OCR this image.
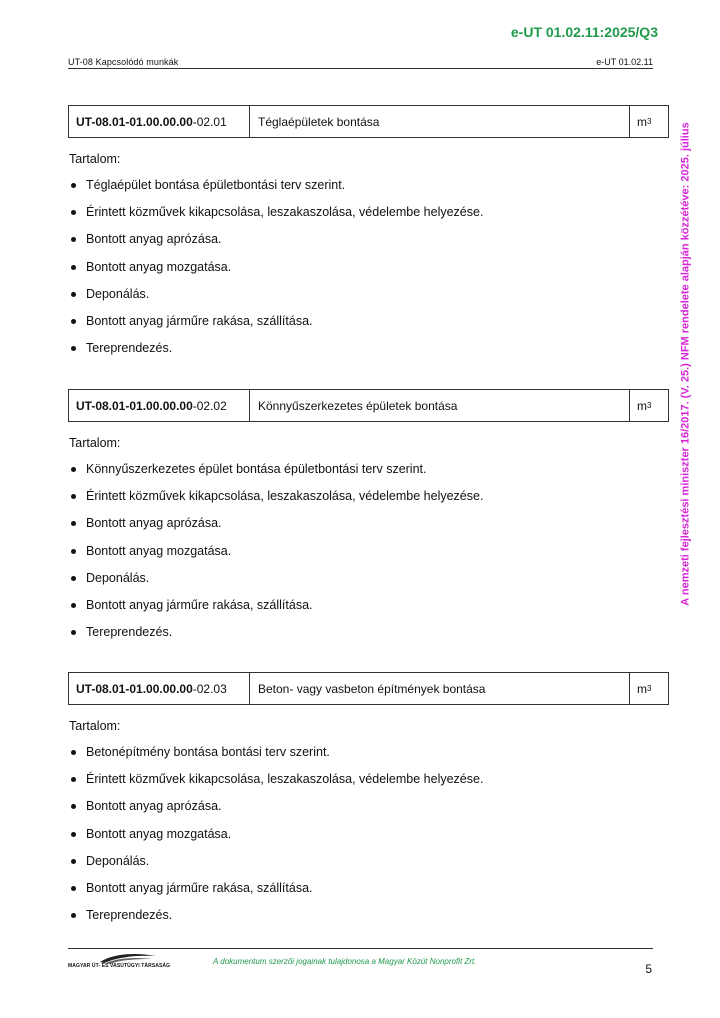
e-UT 01.02.11:2025/Q3
UT-08 Kapcsolódó munkák	e-UT 01.02.11
A nemzeti fejlesztési miniszter 16/2017. (V. 25.) NFM rendelete alapján közzétéve: 2025. július
UT-08.01-01.00.00.00 -02.01	Téglaépületek bontása	m 3
Tartalom:
Téglaépület bontása épületbontási terv szerint.
Érintett közművek kikapcsolása, leszakaszolása, védelembe helyezése.
Bontott anyag aprózása.
Bontott anyag mozgatása.
Deponálás.
Bontott anyag járműre rakása, szállítása.
Tereprendezés.
UT-08.01-01.00.00.00 -02.02	Könnyűszerkezetes épületek bontása	m 3
Tartalom:
Könnyűszerkezetes épület bontása épületbontási terv szerint.
Érintett közművek kikapcsolása, leszakaszolása, védelembe helyezése.
Bontott anyag aprózása.
Bontott anyag mozgatása.
Deponálás.
Bontott anyag járműre rakása, szállítása.
Tereprendezés.
UT-08.01-01.00.00.00 -02.03	Beton- vagy vasbeton építmények bontása	m 3
Tartalom:
Betonépítmény bontása bontási terv szerint.
Érintett közművek kikapcsolása, leszakaszolása, védelembe helyezése.
Bontott anyag aprózása.
Bontott anyag mozgatása.
Deponálás.
Bontott anyag járműre rakása, szállítása.
Tereprendezés.
MAGYAR ÚT- ÉS VASÚTÜGYI TÁRSASÁG	A dokumentum szerzői jogainak tulajdonosa a Magyar Közút Nonprofit Zrt.
5
